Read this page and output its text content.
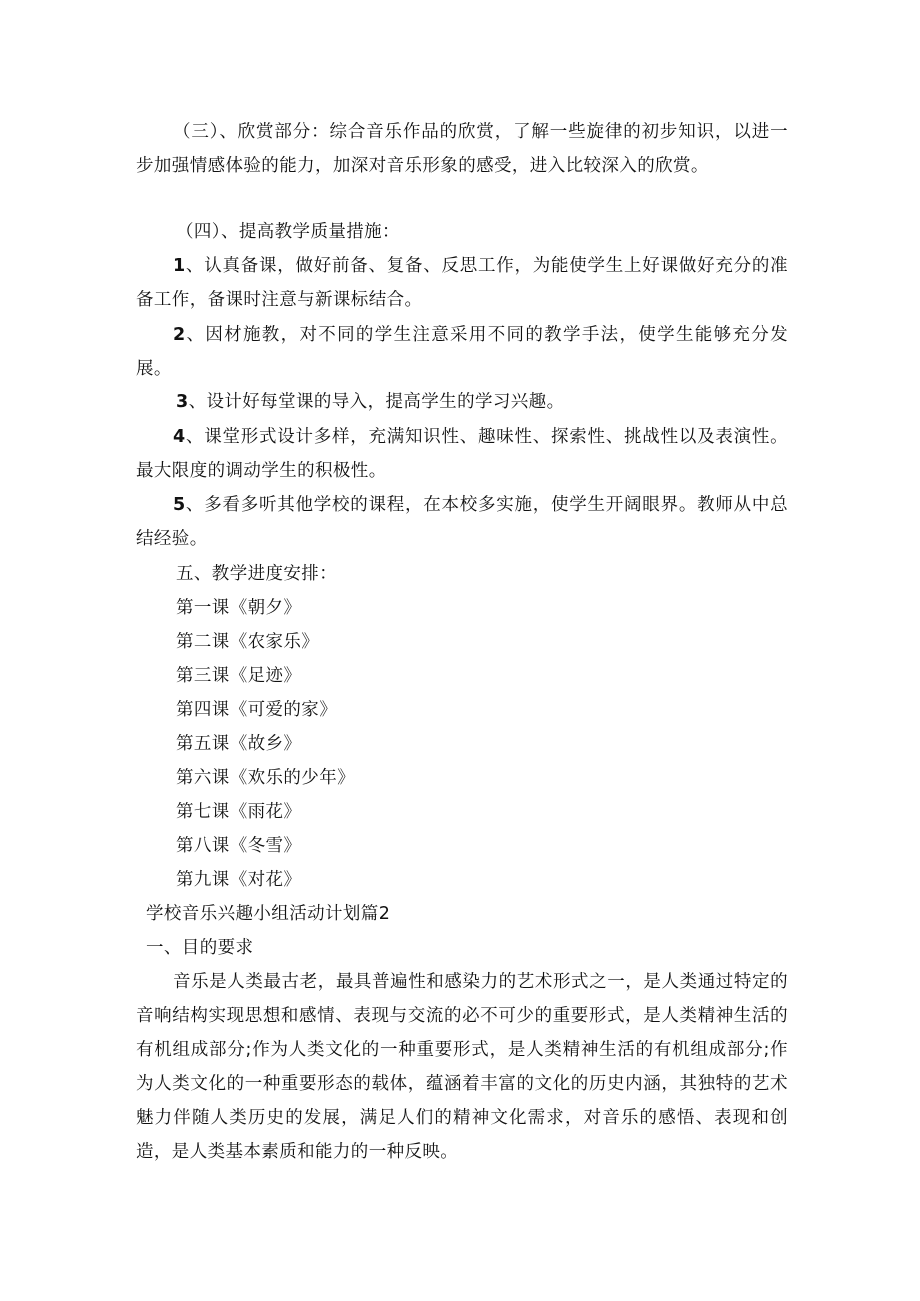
（三）、欣赏部分：综合音乐作品的欣赏，了解一些旋律的初步知识，以进一步加强情感体验的能力，加深对音乐形象的感受，进入比较深入的欣赏。

（四）、提高教学质量措施：

1、认真备课，做好前备、复备、反思工作，为能使学生上好课做好充分的准备工作，备课时注意与新课标结合。

2、因材施教，对不同的学生注意采用不同的教学手法，使学生能够充分发展。

3、设计好每堂课的导入，提高学生的学习兴趣。

4、课堂形式设计多样，充满知识性、趣味性、探索性、挑战性以及表演性。最大限度的调动学生的积极性。

5、多看多听其他学校的课程，在本校多实施，使学生开阔眼界。教师从中总结经验。

五、教学进度安排：

第一课《朝夕》

第二课《农家乐》

第三课《足迹》

第四课《可爱的家》

第五课《故乡》

第六课《欢乐的少年》

第七课《雨花》

第八课《冬雪》

第九课《对花》

学校音乐兴趣小组活动计划篇2

一、目的要求

音乐是人类最古老，最具普遍性和感染力的艺术形式之一，是人类通过特定的音响结构实现思想和感情、表现与交流的必不可少的重要形式，是人类精神生活的有机组成部分;作为人类文化的一种重要形式，是人类精神生活的有机组成部分;作为人类文化的一种重要形态的载体，蕴涵着丰富的文化的历史内涵，其独特的艺术魅力伴随人类历史的发展，满足人们的精神文化需求，对音乐的感悟、表现和创造，是人类基本素质和能力的一种反映。
